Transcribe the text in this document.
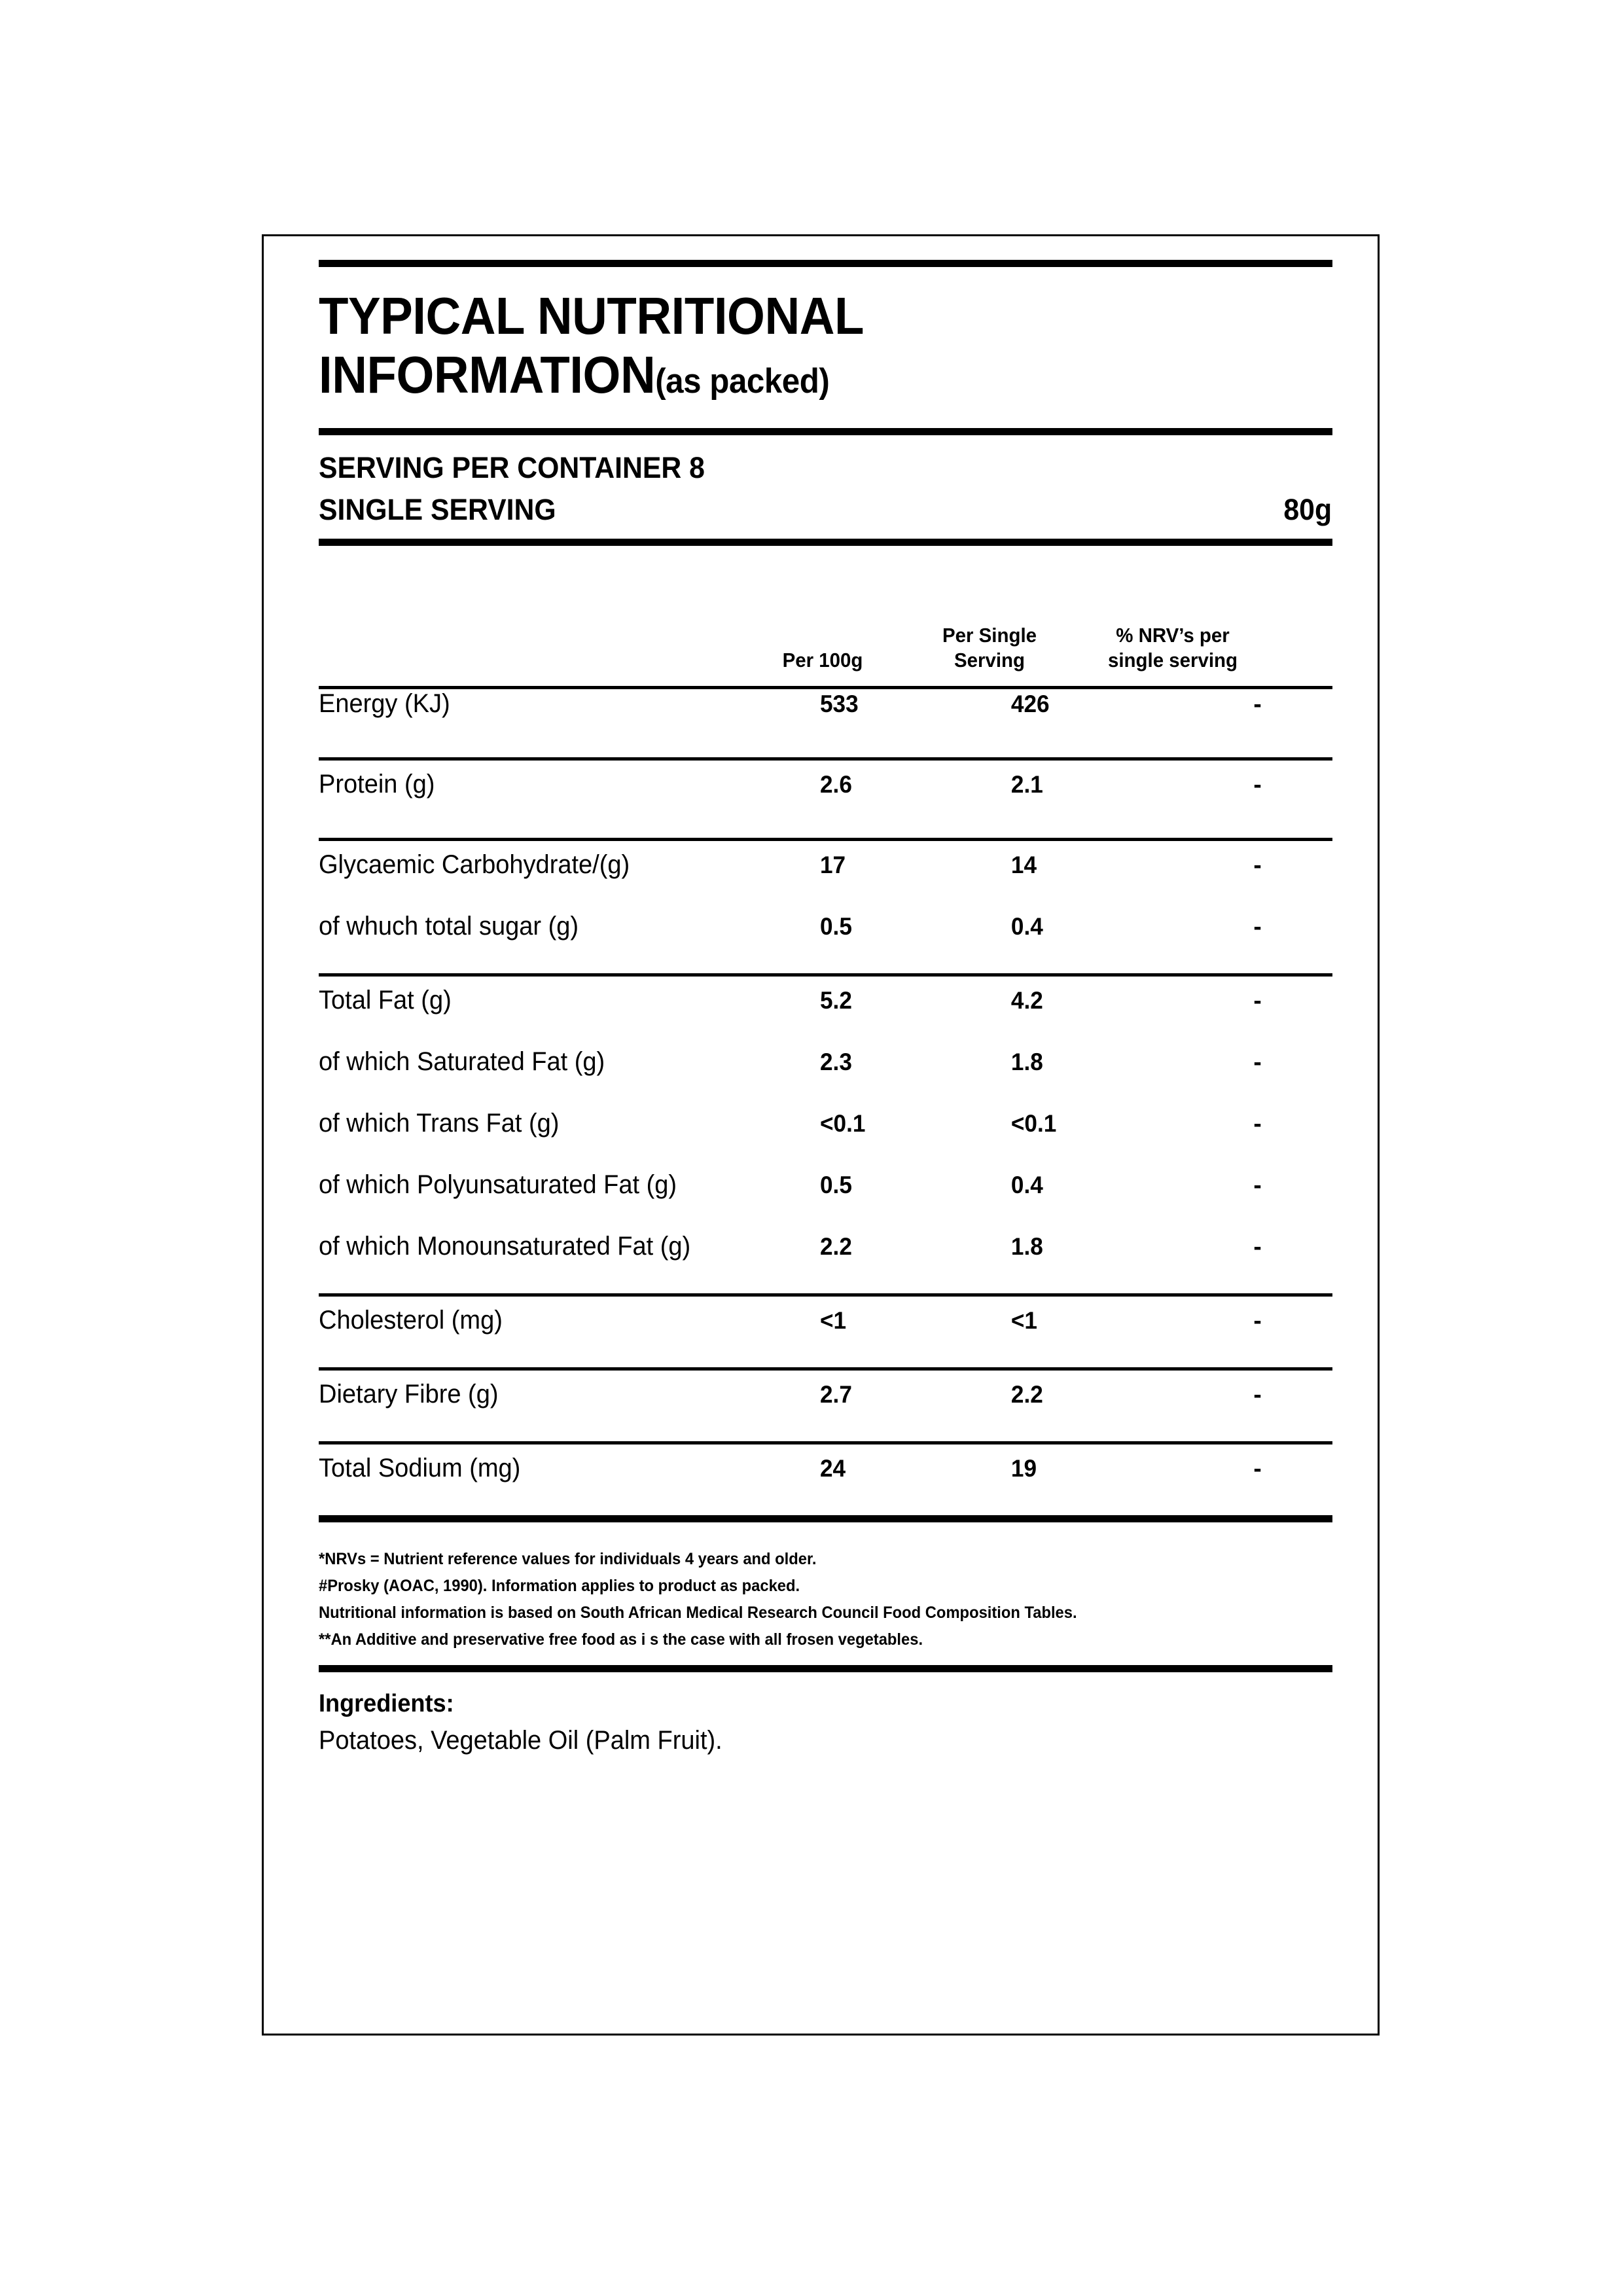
TYPICAL NUTRITIONAL
INFORMATION(as packed)
SERVING PER CONTAINER 8
SINGLE SERVING	80g
Per 100g
Per Single
Serving
% NRV’s per
single serving
Energy (KJ)	533	426	-
Protein (g)	2.6	2.1	-
Glycaemic Carbohydrate/(g)	17	14	-
of whuch total sugar (g)	0.5	0.4	-
Total Fat (g)	5.2	4.2	-
of which Saturated Fat (g)	2.3	1.8	-
of which Trans Fat (g)	<0.1	<0.1	-
of which Polyunsaturated Fat (g)	0.5	0.4	-
of which Monounsaturated Fat (g)	2.2	1.8	-
Cholesterol (mg)	<1	<1	-
Dietary Fibre (g)	2.7	2.2	-
Total Sodium (mg)	24	19	-
*NRVs = Nutrient reference values for individuals 4 years and older.
#Prosky (AOAC, 1990). Information applies to product as packed.
Nutritional information is based on South African Medical Research Council Food Composition Tables.
**An Additive and preservative free food as i s the case with all frosen vegetables.
Ingredients:
Potatoes, Vegetable Oil (Palm Fruit).
